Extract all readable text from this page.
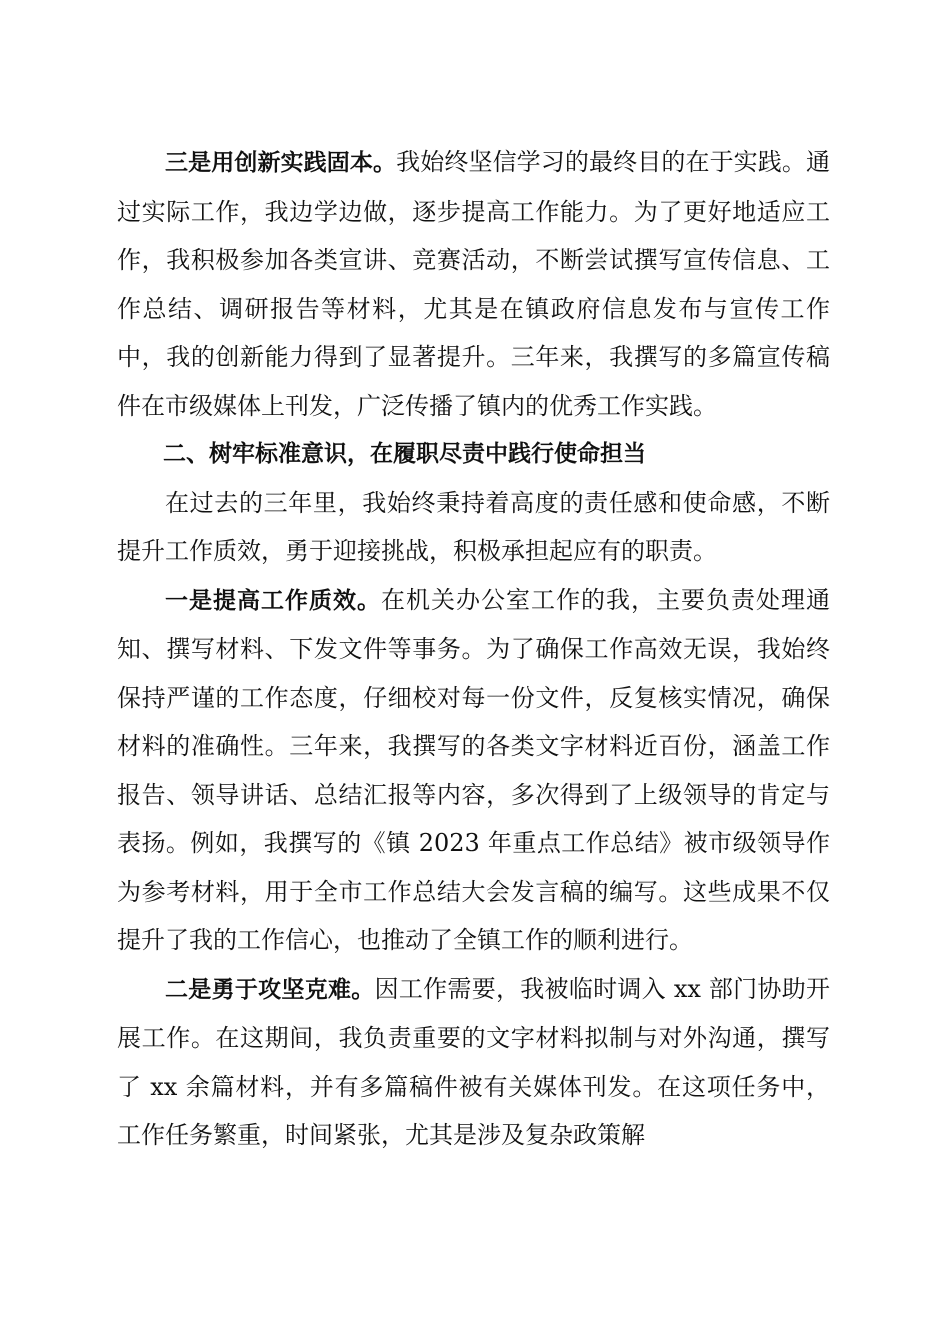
三是用创新实践固本。我始终坚信学习的最终目的在于实践。通过实际工作，我边学边做，逐步提高工作能力。为了更好地适应工作，我积极参加各类宣讲、竞赛活动，不断尝试撰写宣传信息、工作总结、调研报告等材料，尤其是在镇政府信息发布与宣传工作中，我的创新能力得到了显著提升。三年来，我撰写的多篇宣传稿件在市级媒体上刊发，广泛传播了镇内的优秀工作实践。

二、树牢标准意识，在履职尽责中践行使命担当

在过去的三年里，我始终秉持着高度的责任感和使命感，不断提升工作质效，勇于迎接挑战，积极承担起应有的职责。

一是提高工作质效。在机关办公室工作的我，主要负责处理通知、撰写材料、下发文件等事务。为了确保工作高效无误，我始终保持严谨的工作态度，仔细校对每一份文件，反复核实情况，确保材料的准确性。三年来，我撰写的各类文字材料近百份，涵盖工作报告、领导讲话、总结汇报等内容，多次得到了上级领导的肯定与表扬。例如，我撰写的《镇 2023 年重点工作总结》被市级领导作为参考材料，用于全市工作总结大会发言稿的编写。这些成果不仅提升了我的工作信心，也推动了全镇工作的顺利进行。

二是勇于攻坚克难。因工作需要，我被临时调入 xx 部门协助开展工作。在这期间，我负责重要的文字材料拟制与对外沟通，撰写了 xx 余篇材料，并有多篇稿件被有关媒体刊发。在这项任务中，工作任务繁重，时间紧张，尤其是涉及复杂政策解
